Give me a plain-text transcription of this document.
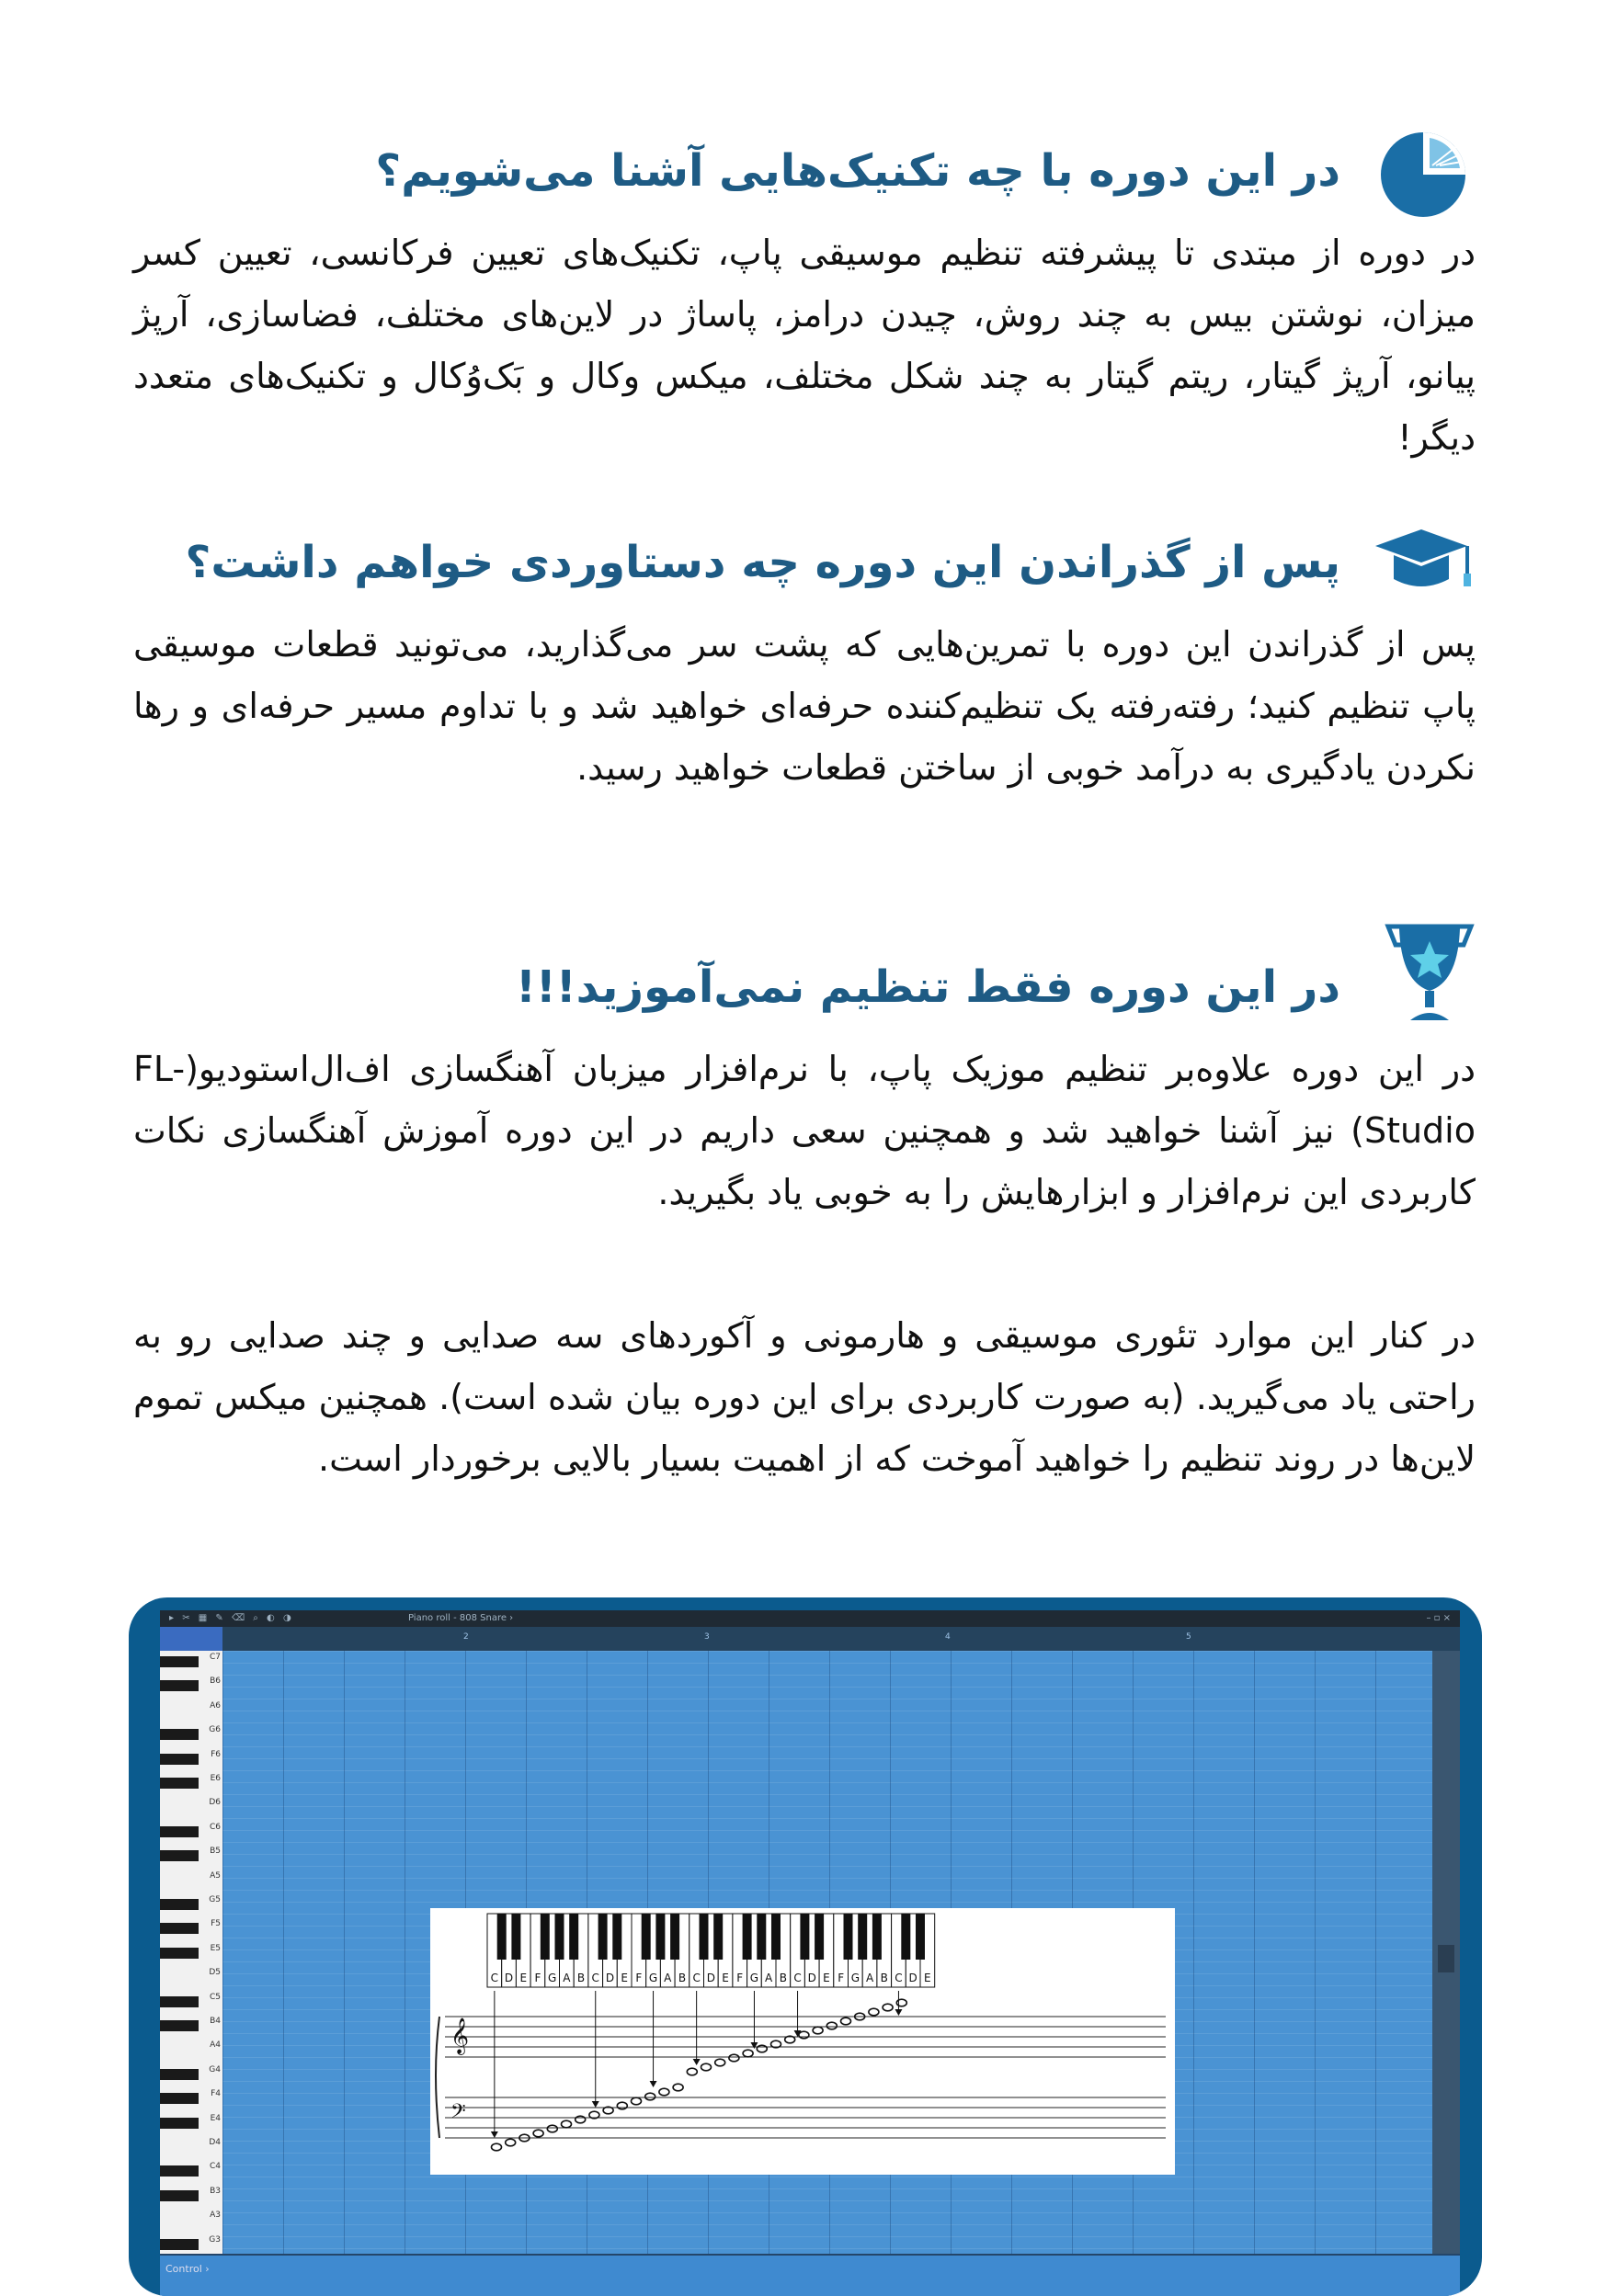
در این دوره با چه تکنیک‌هایی آشنا می‌شویم؟

در دوره از مبتدی تا پیشرفته تنظیم موسیقی پاپ، تکنیک‌های تعیین فرکانسی، تعیین کسر میزان، نوشتن بیس به چند روش، چیدن درامز، پاساژ در لاین‌های مختلف، فضاسازی، آرپژ پیانو، آرپژ گیتار، ریتم گیتار به چند شکل مختلف، میکس وکال و بَک‌وُکال و تکنیک‌های متعدد دیگر!

پس از گذراندن این دوره چه دستاوردی خواهم داشت؟

پس از گذراندن این دوره با تمرین‌هایی که پشت سر می‌گذارید، می‌تونید قطعات موسیقی پاپ تنظیم کنید؛ رفته‌رفته یک تنظیم‌کننده حرفه‌ای خواهید شد و با تداوم مسیر حرفه‌ای و رها نکردن یادگیری به درآمد خوبی از ساختن قطعات خواهید رسید.

در این دوره فقط تنظیم نمی‌آموزید!!!

در این دوره علاوه‌بر تنظیم موزیک پاپ، با نرم‌افزار میزبان آهنگسازی اف‌ال‌استودیو(FL-Studio) نیز آشنا خواهید شد و همچنین سعی داریم در این دوره آموزش آهنگسازی نکات کاربردی این نرم‌افزار و ابزارهایش را به خوبی یاد بگیرید.

در کنار این موارد تئوری موسیقی و هارمونی و آکوردهای سه صدایی و چند صدایی رو به راحتی یاد می‌گیرید. (به صورت کاربردی برای این دوره بیان شده است). همچنین میکس تموم لاین‌ها در روند تنظیم را خواهید آموخت که از اهمیت بسیار بالایی برخوردار است.

▸ ✂ ▦ ✎ ⌫ ⌕ ◐ ◑	Piano roll - 808 Snare ›	– ▫ ×
2	3	4	5
C7
B6
A6
G6
F6
E6
D6
C6
B5
A5
G5
F5
E5
D5
C5
B4
A4
G4
F4
E4
D4
C4
B3
A3
G3
Control ›
C D E F G A B C D E F G A B C D E F G A B C D E F G A B C D E
𝄞
𝄢
